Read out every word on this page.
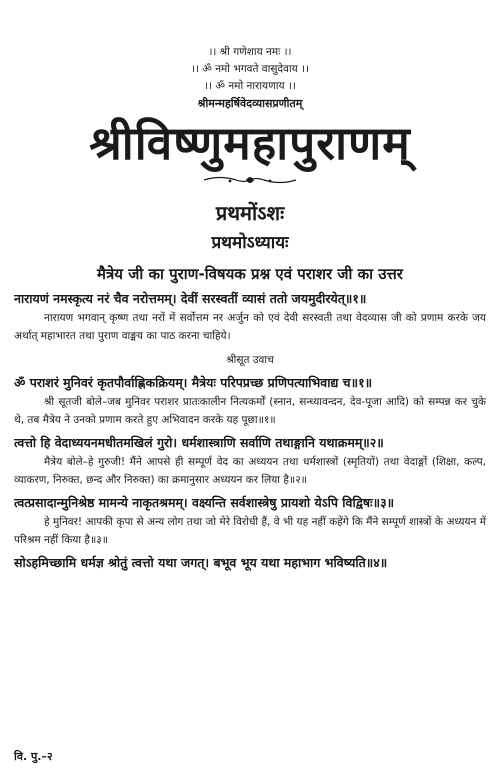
।। श्री गणेशाय नमः ।।
।। ॐ नमो भगवते वासुदेवाय ।।
।। ॐ नमो नारायणाय ।।
श्रीमन्महर्षिवेदव्यासप्रणीतम्
श्रीविष्णुमहापुराणम्
प्रथमोंऽशः
प्रथमोऽध्यायः
मैत्रेय जी का पुराण-विषयक प्रश्न एवं पराशर जी का उत्तर
नारायणं नमस्कृत्य नरं चैव नरोत्तमम्। देवीं सरस्वतीं व्यासं ततो जयमुदीरयेत्॥१॥
नारायण भगवान् कृष्ण तथा नरों में सर्वोत्तम नर अर्जुन को एवं देवी सरस्वती तथा वेदव्यास जी को प्रणाम करके जय अर्थात् महाभारत तथा पुराण वाङ्मय का पाठ करना चाहिये।
श्रीसूत उवाच
ॐ पराशरं मुनिवरं कृतपौर्वाह्णिकक्रियम्। मैत्रेयः परिपप्रच्छ प्रणिपत्याभिवाद्य च॥१॥
श्री सूतजी बोले–जब मुनिवर पराशर प्रातःकालीन नित्यकर्मों (स्नान, सन्ध्यावन्दन, देव-पूजा आदि) को सम्पन्न कर चुके थे, तब मैत्रेय ने उनको प्रणाम करते हुए अभिवादन करके यह पूछा॥१॥
त्वत्तो हि वेदाध्ययनमधीतमखिलं गुरो। धर्मशास्त्राणि सर्वाणि तथाङ्गानि यथाक्रमम्॥२॥
मैत्रेय बोले–हे गुरुजी! मैंने आपसे ही सम्पूर्ण वेद का अध्ययन तथा धर्मशास्त्रों (स्मृतियों) तथा वेदाङ्गों (शिक्षा, कल्प, व्याकरण, निरुक्त, छन्द और निरुक्त) का क्रमानुसार अध्ययन कर लिया है॥२॥
त्वत्प्रसादान्मुनिश्रेष्ठ मामन्ये नाकृतश्रमम्। वक्ष्यन्ति सर्वशास्त्रेषु प्रायशो येऽपि विद्विषः॥३॥
हे मुनिवर! आपकी कृपा से अन्य लोग तथा जो मेरे विरोधी हैं, वे भी यह नहीं कहेंगे कि मैंने सम्पूर्ण शास्त्रों के अध्ययन में परिश्रम नहीं किया है॥३॥
सोऽहमिच्छामि धर्मज्ञ श्रोतुं त्वत्तो यथा जगत्। बभूव भूय यथा महाभाग भविष्यति॥४॥
वि. पु.–२
